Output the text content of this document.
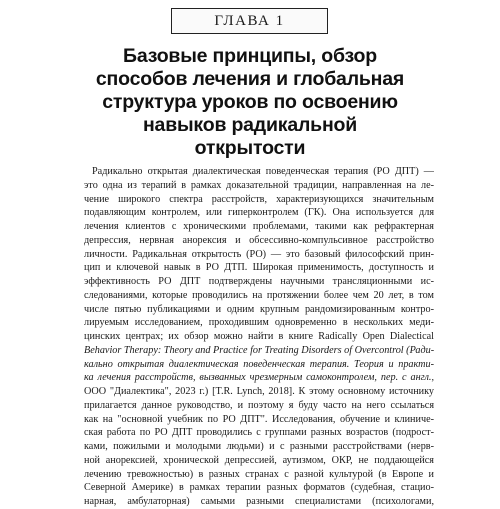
ГЛАВА 1
Базовые принципы, обзор
способов лечения и глобальная
структура уроков по освоению
навыков радикальной
открытости
Радикально открытая диалектическая поведенческая терапия (РО ДПТ) —
это одна из терапий в рамках доказательной традиции, направленная на ле-
чение широкого спектра расстройств, характеризующихся значительным
подавляющим контролем, или гиперконтролем (ГК). Она используется для
лечения клиентов с хроническими проблемами, такими как рефрактерная
депрессия, нервная анорексия и обсессивно-компульсивное расстройство
личности. Радикальная открытость (РО) — это базовый философский прин-
цип и ключевой навык в РО ДТП. Широкая применимость, доступность и
эффективность РО ДПТ подтверждены научными трансляционными ис-
следованиями, которые проводились на протяжении более чем 20 лет, в том
числе пятью публикациями и одним крупным рандомизированным контро-
лируемым исследованием, проходившим одновременно в нескольких меди-
цинских центрах; их обзор можно найти в книге Radically Open Dialectical
Behavior Therapy: Theory and Practice for Treating Disorders of Overcontrol (Ради-
кально открытая диалектическая поведенческая терапия. Теория и практи-
ка лечения расстройств, вызванных чрезмерным самоконтролем, пер. с англ.,
ООО "Диалектика", 2023 г.) [T.R. Lynch, 2018]. К этому основному источнику
прилагается данное руководство, и поэтому я буду часто на него ссылаться
как на "основной учебник по РО ДПТ". Исследования, обучение и клиниче-
ская работа по РО ДПТ проводились с группами разных возрастов (подрост-
ками, пожилыми и молодыми людьми) и с разными расстройствами (нерв-
ной анорексией, хронической депрессией, аутизмом, ОКР, не поддающейся
лечению тревожностью) в разных странах с разной культурой (в Европе и
Северной Америке) в рамках терапии разных форматов (судебная, стацио-
нарная, амбулаторная) самыми разными специалистами (психологами,
